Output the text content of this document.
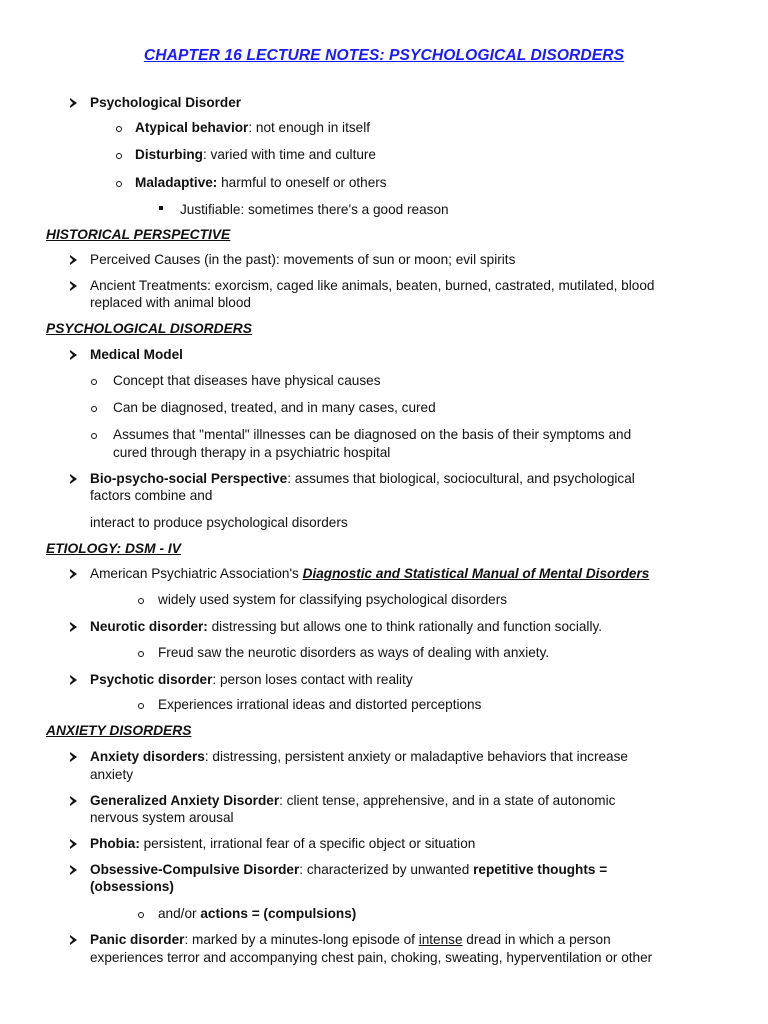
CHAPTER 16 LECTURE NOTES: PSYCHOLOGICAL DISORDERS
Psychological Disorder
Atypical behavior: not enough in itself
Disturbing: varied with time and culture
Maladaptive: harmful to oneself or others
Justifiable: sometimes there's a good reason
HISTORICAL PERSPECTIVE
Perceived Causes (in the past): movements of sun or moon; evil spirits
Ancient Treatments: exorcism, caged like animals, beaten, burned, castrated, mutilated, blood
replaced with animal blood
PSYCHOLOGICAL DISORDERS
Medical Model
Concept that diseases have physical causes
Can be diagnosed, treated, and in many cases, cured
Assumes that "mental" illnesses can be diagnosed on the basis of their symptoms and
cured through therapy in a psychiatric hospital
Bio-psycho-social Perspective: assumes that biological, sociocultural, and psychological
factors combine and
interact to produce psychological disorders
ETIOLOGY: DSM - IV
American Psychiatric Association's Diagnostic and Statistical Manual of Mental Disorders
widely used system for classifying psychological disorders
Neurotic disorder: distressing but allows one to think rationally and function socially.
Freud saw the neurotic disorders as ways of dealing with anxiety.
Psychotic disorder: person loses contact with reality
Experiences irrational ideas and distorted perceptions
ANXIETY DISORDERS
Anxiety disorders: distressing, persistent anxiety or maladaptive behaviors that increase
anxiety
Generalized Anxiety Disorder: client tense, apprehensive, and in a state of autonomic
nervous system arousal
Phobia: persistent, irrational fear of a specific object or situation
Obsessive-Compulsive Disorder: characterized by unwanted repetitive thoughts =
(obsessions)
and/or actions = (compulsions)
Panic disorder: marked by a minutes-long episode of intense dread in which a person
experiences terror and accompanying chest pain, choking, sweating, hyperventilation or other
